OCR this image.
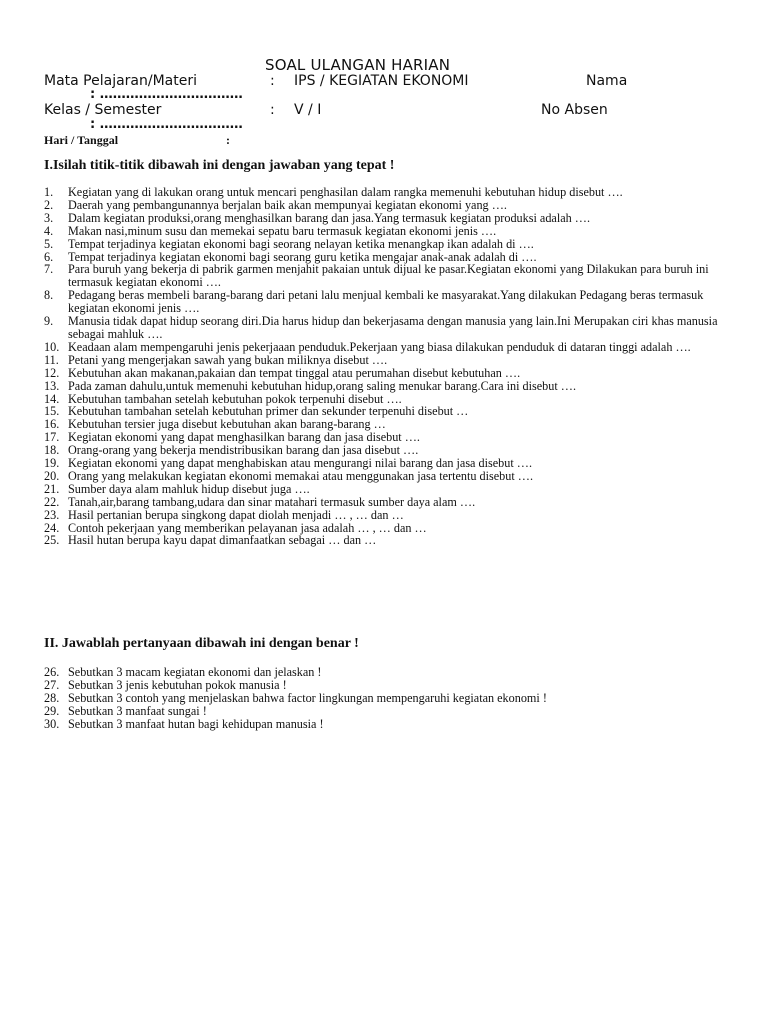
SOAL ULANGAN HARIAN
Mata Pelajaran/Materi	: IPS / KEGIATAN EKONOMI	Nama
: ……………………………
Kelas / Semester	: V / I	No Absen
: ……………………………
Hari / Tanggal	:
I.Isilah titik-titik dibawah ini dengan jawaban yang tepat !
1.	Kegiatan yang di lakukan orang untuk mencari penghasilan dalam rangka memenuhi kebutuhan hidup disebut ….
2.	Daerah yang pembangunannya berjalan baik akan mempunyai kegiatan ekonomi yang ….
3.	Dalam kegiatan produksi,orang menghasilkan barang dan jasa.Yang termasuk kegiatan produksi adalah ….
4.	Makan nasi,minum susu dan memekai sepatu baru termasuk kegiatan ekonomi jenis ….
5.	Tempat terjadinya kegiatan ekonomi bagi seorang nelayan ketika menangkap ikan adalah di ….
6.	Tempat terjadinya kegiatan ekonomi bagi seorang guru ketika mengajar anak-anak adalah di ….
7.	Para buruh yang bekerja di pabrik garmen menjahit pakaian untuk dijual ke pasar.Kegiatan ekonomi yang Dilakukan para buruh ini termasuk kegiatan ekonomi ….
8.	Pedagang beras membeli barang-barang dari petani lalu menjual kembali ke masyarakat.Yang dilakukan Pedagang beras termasuk kegiatan ekonomi jenis ….
9.	Manusia tidak dapat hidup seorang diri.Dia harus hidup dan bekerjasama dengan manusia yang lain.Ini Merupakan ciri khas manusia sebagai mahluk ….
10. Keadaan alam mempengaruhi jenis pekerjaaan penduduk.Pekerjaan yang biasa dilakukan penduduk di dataran tinggi adalah ….
11. Petani yang mengerjakan sawah yang bukan miliknya disebut ….
12. Kebutuhan akan makanan,pakaian dan tempat tinggal atau perumahan disebut kebutuhan ….
13. Pada zaman dahulu,untuk memenuhi kebutuhan hidup,orang saling menukar barang.Cara ini disebut ….
14. Kebutuhan tambahan setelah kebutuhan pokok terpenuhi disebut ….
15. Kebutuhan tambahan setelah kebutuhan primer dan sekunder terpenuhi disebut …
16. Kebutuhan tersier juga disebut kebutuhan akan barang-barang …
17. Kegiatan ekonomi yang dapat menghasilkan barang dan jasa disebut ….
18. Orang-orang yang bekerja mendistribusikan barang dan jasa disebut ….
19. Kegiatan ekonomi yang dapat menghabiskan atau mengurangi nilai barang dan jasa disebut ….
20. Orang yang melakukan kegiatan ekonomi memakai atau menggunakan jasa tertentu disebut ….
21. Sumber daya alam mahluk hidup disebut juga ….
22. Tanah,air,barang tambang,udara dan sinar matahari termasuk sumber daya alam ….
23. Hasil pertanian berupa singkong dapat diolah menjadi … , … dan …
24. Contoh pekerjaan yang memberikan pelayanan jasa adalah … , … dan …
25. Hasil hutan berupa kayu dapat dimanfaatkan sebagai … dan …
II. Jawablah pertanyaan dibawah ini dengan benar !
26. Sebutkan 3 macam kegiatan ekonomi dan jelaskan !
27. Sebutkan 3 jenis kebutuhan pokok manusia !
28. Sebutkan 3 contoh yang menjelaskan bahwa factor lingkungan mempengaruhi kegiatan ekonomi !
29. Sebutkan 3 manfaat sungai !
30. Sebutkan 3 manfaat hutan bagi kehidupan manusia !
